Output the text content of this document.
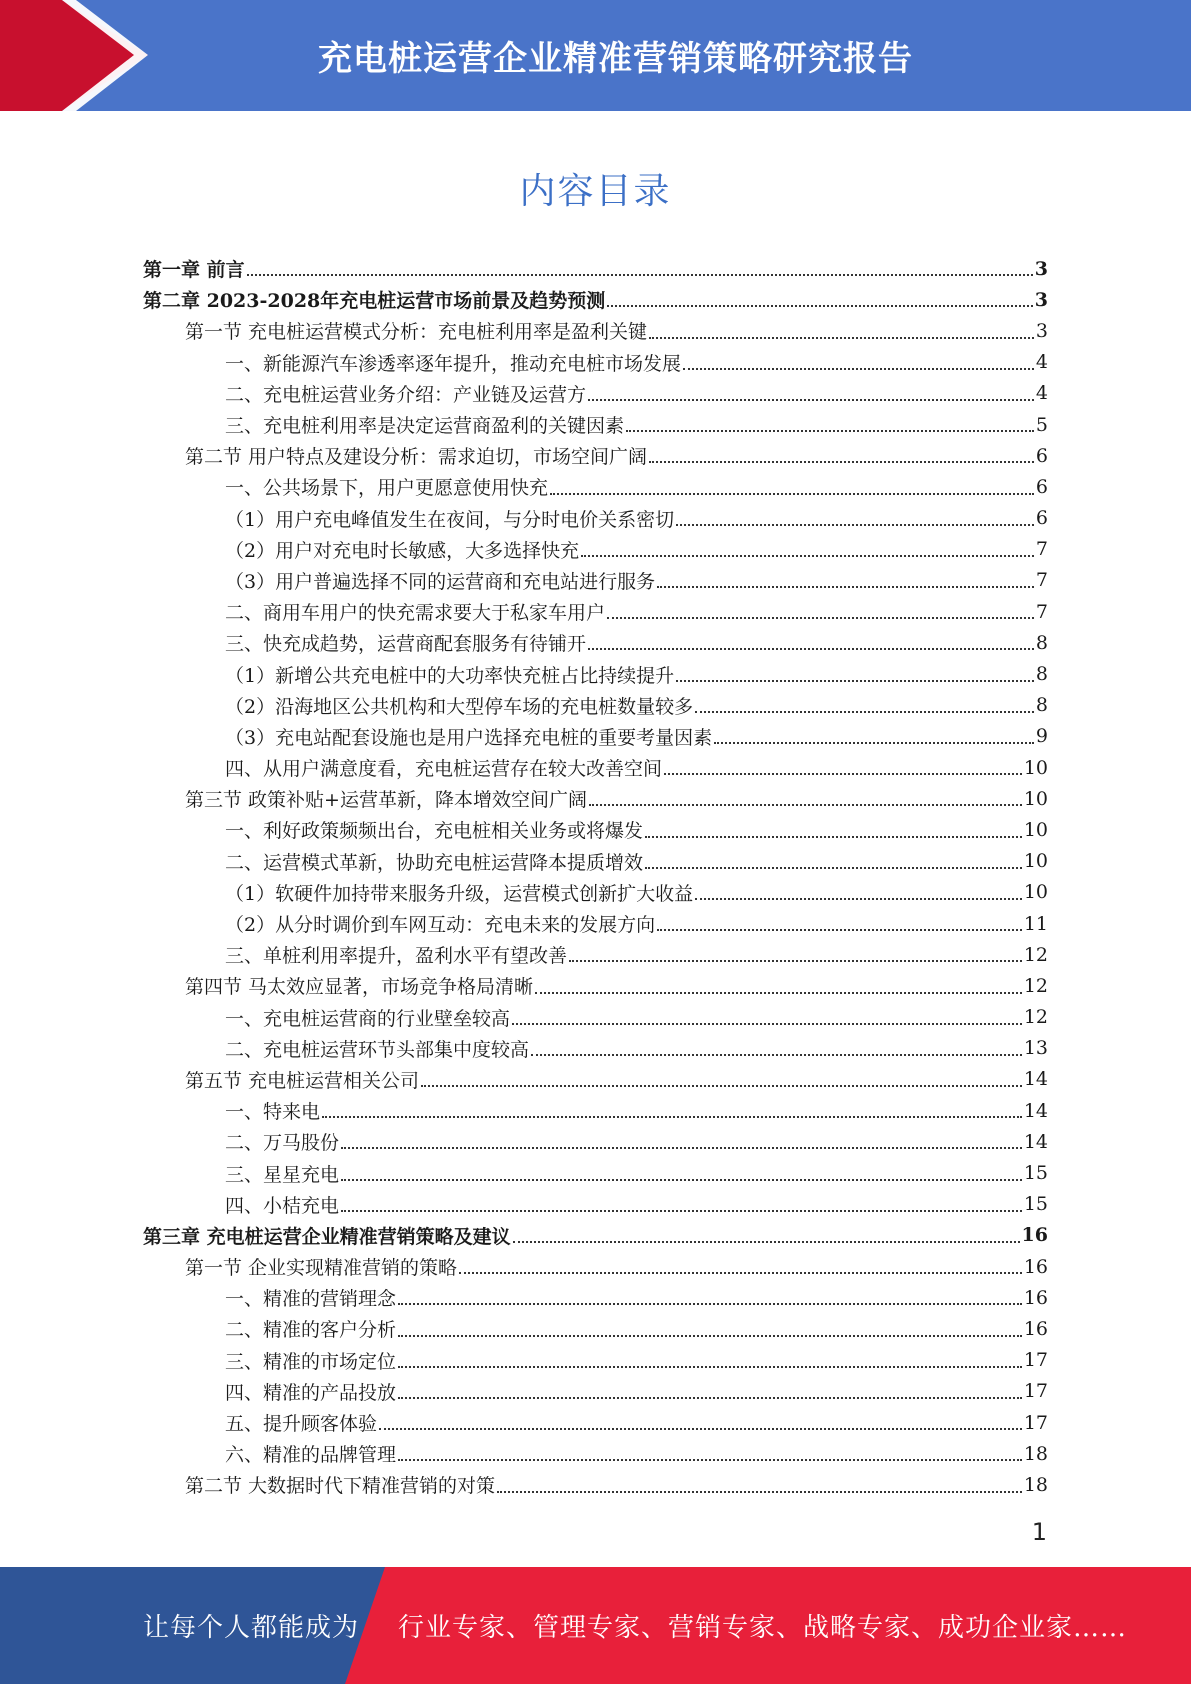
充电桩运营企业精准营销策略研究报告
内容目录
第一章 前言	3
第二章 2023-2028年充电桩运营市场前景及趋势预测	3
第一节 充电桩运营模式分析：充电桩利用率是盈利关键	3
一、新能源汽车渗透率逐年提升，推动充电桩市场发展	4
二、充电桩运营业务介绍：产业链及运营方	4
三、充电桩利用率是决定运营商盈利的关键因素	5
第二节 用户特点及建设分析：需求迫切，市场空间广阔	6
一、公共场景下，用户更愿意使用快充	6
（1）用户充电峰值发生在夜间，与分时电价关系密切	6
（2）用户对充电时长敏感，大多选择快充	7
（3）用户普遍选择不同的运营商和充电站进行服务	7
二、商用车用户的快充需求要大于私家车用户	7
三、快充成趋势，运营商配套服务有待铺开	8
（1）新增公共充电桩中的大功率快充桩占比持续提升	8
（2）沿海地区公共机构和大型停车场的充电桩数量较多	8
（3）充电站配套设施也是用户选择充电桩的重要考量因素	9
四、从用户满意度看，充电桩运营存在较大改善空间	10
第三节 政策补贴+运营革新，降本增效空间广阔	10
一、利好政策频频出台，充电桩相关业务或将爆发	10
二、运营模式革新，协助充电桩运营降本提质增效	10
（1）软硬件加持带来服务升级，运营模式创新扩大收益	10
（2）从分时调价到车网互动：充电未来的发展方向	11
三、单桩利用率提升，盈利水平有望改善	12
第四节 马太效应显著，市场竞争格局清晰	12
一、充电桩运营商的行业壁垒较高	12
二、充电桩运营环节头部集中度较高	13
第五节 充电桩运营相关公司	14
一、特来电	14
二、万马股份	14
三、星星充电	15
四、小桔充电	15
第三章 充电桩运营企业精准营销策略及建议	16
第一节 企业实现精准营销的策略	16
一、精准的营销理念	16
二、精准的客户分析	16
三、精准的市场定位	17
四、精准的产品投放	17
五、提升顾客体验	17
六、精准的品牌管理	18
第二节 大数据时代下精准营销的对策	18
1
让每个人都能成为 行业专家、管理专家、营销专家、战略专家、成功企业家……
